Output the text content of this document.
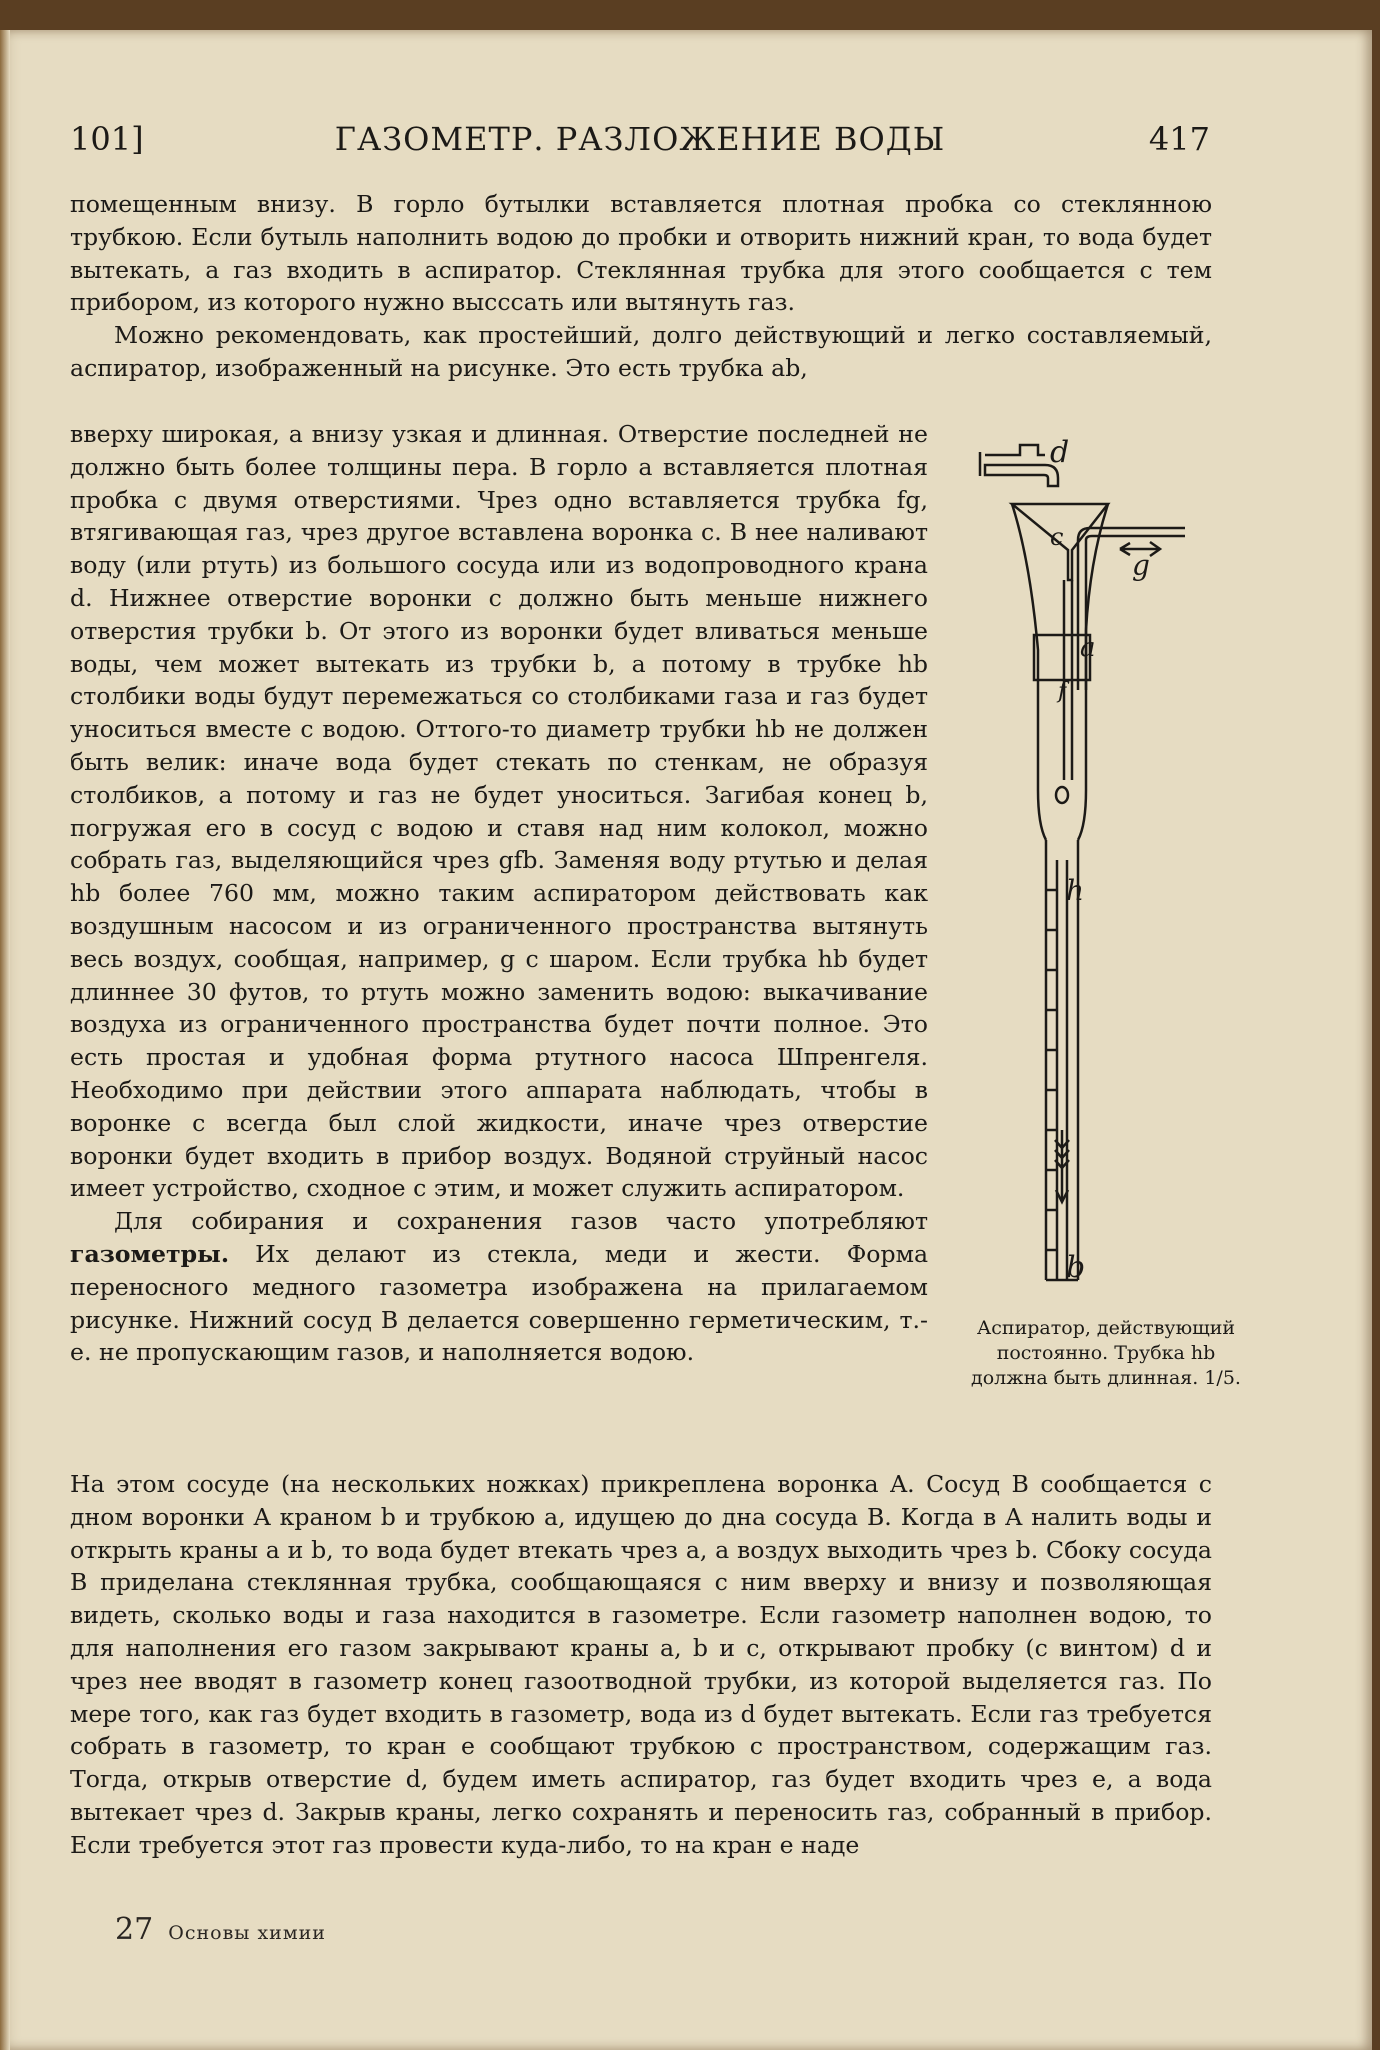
101]	ГАЗОМЕТР. РАЗЛОЖЕНИЕ ВОДЫ	417

помещенным внизу. В горло бутылки вставляется плотная пробка со стеклянною трубкою. Если бутыль наполнить водою до пробки и отворить нижний кран, то вода будет вытекать, а газ входить в аспиратор. Стеклянная трубка для этого сообщается с тем прибором, из которого нужно высссать или вытянуть газ.

Можно рекомендовать, как простейший, долго действующий и легко составляемый, аспиратор, изображенный на рисунке. Это есть трубка ab,

вверху широкая, а внизу узкая и длинная. Отверстие последней не должно быть более толщины пера. В горло a вставляется плотная пробка с двумя отверстиями. Чрез одно вставляется трубка fg, втягивающая газ, чрез другое вставлена воронка c. В нее наливают воду (или ртуть) из большого сосуда или из водопроводного крана d. Нижнее отверстие воронки c должно быть меньше нижнего отверстия трубки b. От этого из воронки будет вливаться меньше воды, чем может вытекать из трубки b, а потому в трубке hb столбики воды будут перемежаться со столбиками газа и газ будет уноситься вместе с водою. Оттого-то диаметр трубки hb не должен быть велик: иначе вода будет стекать по стенкам, не образуя столбиков, а потому и газ не будет уноситься. Загибая конец b, погружая его в сосуд с водою и ставя над ним колокол, можно собрать газ, выделяющийся чрез gfb. Заменяя воду ртутью и делая hb более 760 мм, можно таким аспиратором действовать как воздушным насосом и из ограниченного пространства вытянуть весь воздух, сообщая, например, g с шаром. Если трубка hb будет длиннее 30 футов, то ртуть можно заменить водою: выкачивание воздуха из ограниченного пространства будет почти полное. Это есть простая и удобная форма ртутного насоса Шпренгеля. Необходимо при действии этого аппарата наблюдать, чтобы в воронке c всегда был слой жидкости, иначе чрез отверстие воронки будет входить в прибор воздух. Водяной струйный насос имеет устройство, сходное с этим, и может служить аспиратором.

Для собирания и сохранения газов часто употребляют газометры. Их делают из стекла, меди и жести. Форма переносного медного газометра изображена на прилагаемом рисунке. Нижний сосуд B делается совершенно герметическим, т.-е. не пропускающим газов, и наполняется водою.

d
c
g
a
f
h
b
Аспиратор, действующий постоянно. Трубка hb должна быть длинная. 1/5.

На этом сосуде (на нескольких ножках) прикреплена воронка A. Сосуд B сообщается с дном воронки A краном b и трубкою a, идущею до дна сосуда B. Когда в A налить воды и открыть краны a и b, то вода будет втекать чрез a, а воздух выходить чрез b. Сбоку сосуда B приделана стеклянная трубка, сообщающаяся с ним вверху и внизу и позволяющая видеть, сколько воды и газа находится в газометре. Если газометр наполнен водою, то для наполнения его газом закрывают краны a, b и c, открывают пробку (с винтом) d и чрез нее вводят в газометр конец газоотводной трубки, из которой выделяется газ. По мере того, как газ будет входить в газометр, вода из d будет вытекать. Если газ требуется собрать в газометр, то кран e сообщают трубкою с пространством, содержащим газ. Тогда, открыв отверстие d, будем иметь аспиратор, газ будет входить чрез e, а вода вытекает чрез d. Закрыв краны, легко сохранять и переносить газ, собранный в прибор. Если требуется этот газ провести куда-либо, то на кран e наде

27 Основы химии
